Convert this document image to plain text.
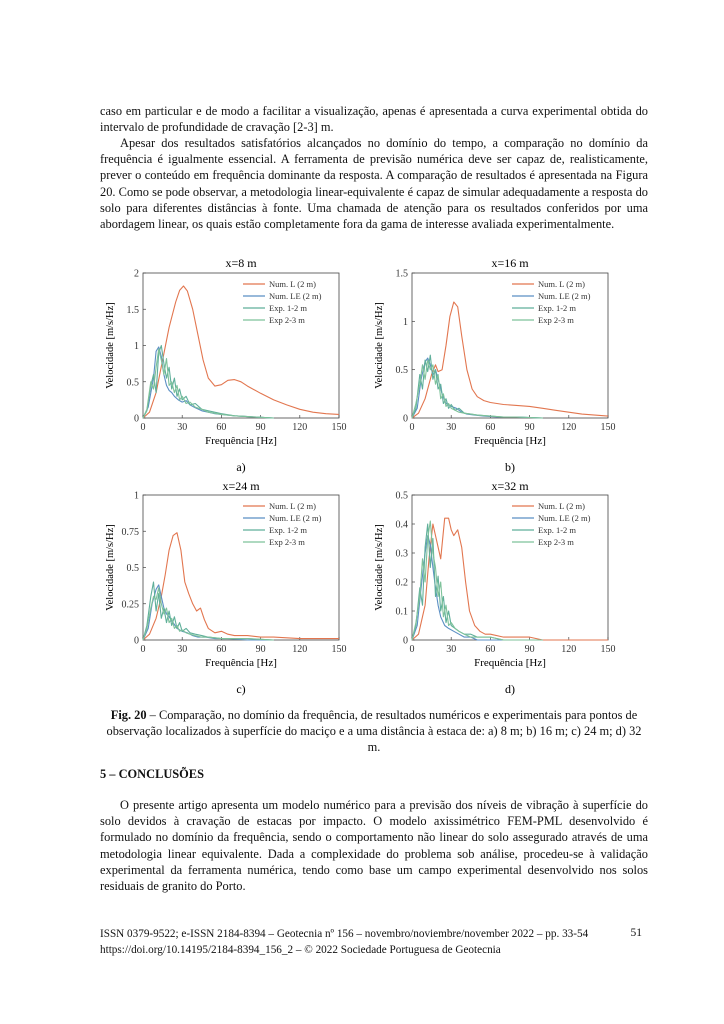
caso em particular e de modo a facilitar a visualização, apenas é apresentada a curva experimental obtida do intervalo de profundidade de cravação [2-3] m.

Apesar dos resultados satisfatórios alcançados no domínio do tempo, a comparação no domínio da frequência é igualmente essencial. A ferramenta de previsão numérica deve ser capaz de, realisticamente, prever o conteúdo em frequência dominante da resposta. A comparação de resultados é apresentada na Figura 20. Como se pode observar, a metodologia linear-equivalente é capaz de simular adequadamente a resposta do solo para diferentes distâncias à fonte. Uma chamada de atenção para os resultados conferidos por uma abordagem linear, os quais estão completamente fora da gama de interesse avaliada experimentalmente.

x=8 m
0	30	60	90	120 150
0
0.5
1
1.5
2
Frequência [Hz]
Velocidade [m/s/Hz]
Num. L (2 m)
Num. LE (2 m)
Exp. 1-2 m
Exp 2-3 m
a)
x=16 m
0	30	60	90	120 150
0
0.5
1
1.5
Frequência [Hz]
Velocidade [m/s/Hz]
Num. L (2 m)
Num. LE (2 m)
Exp. 1-2 m
Exp 2-3 m
b)
x=24 m
0	30	60	90	120 150
0
0.25
0.5
0.75
1
Frequência [Hz]
Velocidade [m/s/Hz]
Num. L (2 m)
Num. LE (2 m)
Exp. 1-2 m
Exp 2-3 m
c)
x=32 m
0	30	60	90	120 150
0
0.1
0.2
0.3
0.4
0.5
Frequência [Hz]
Velocidade [m/s/Hz]
Num. L (2 m)
Num. LE (2 m)
Exp. 1-2 m
Exp 2-3 m
d)

Fig. 20 – Comparação, no domínio da frequência, de resultados numéricos e experimentais para pontos de observação localizados à superfície do maciço e a uma distância à estaca de: a) 8 m; b) 16 m; c) 24 m; d) 32 m.

5 – CONCLUSÕES

O presente artigo apresenta um modelo numérico para a previsão dos níveis de vibração à superfície do solo devidos à cravação de estacas por impacto. O modelo axissimétrico FEM-PML desenvolvido é formulado no domínio da frequência, sendo o comportamento não linear do solo assegurado através de uma metodologia linear equivalente. Dada a complexidade do problema sob análise, procedeu-se à validação experimental da ferramenta numérica, tendo como base um campo experimental desenvolvido nos solos residuais de granito do Porto.

ISSN 0379-9522; e-ISSN 2184-8394 – Geotecnia nº 156 – novembro/noviembre/november 2022 – pp. 33-54

https://doi.org/10.14195/2184-8394_156_2 – © 2022 Sociedade Portuguesa de Geotecnia

51
